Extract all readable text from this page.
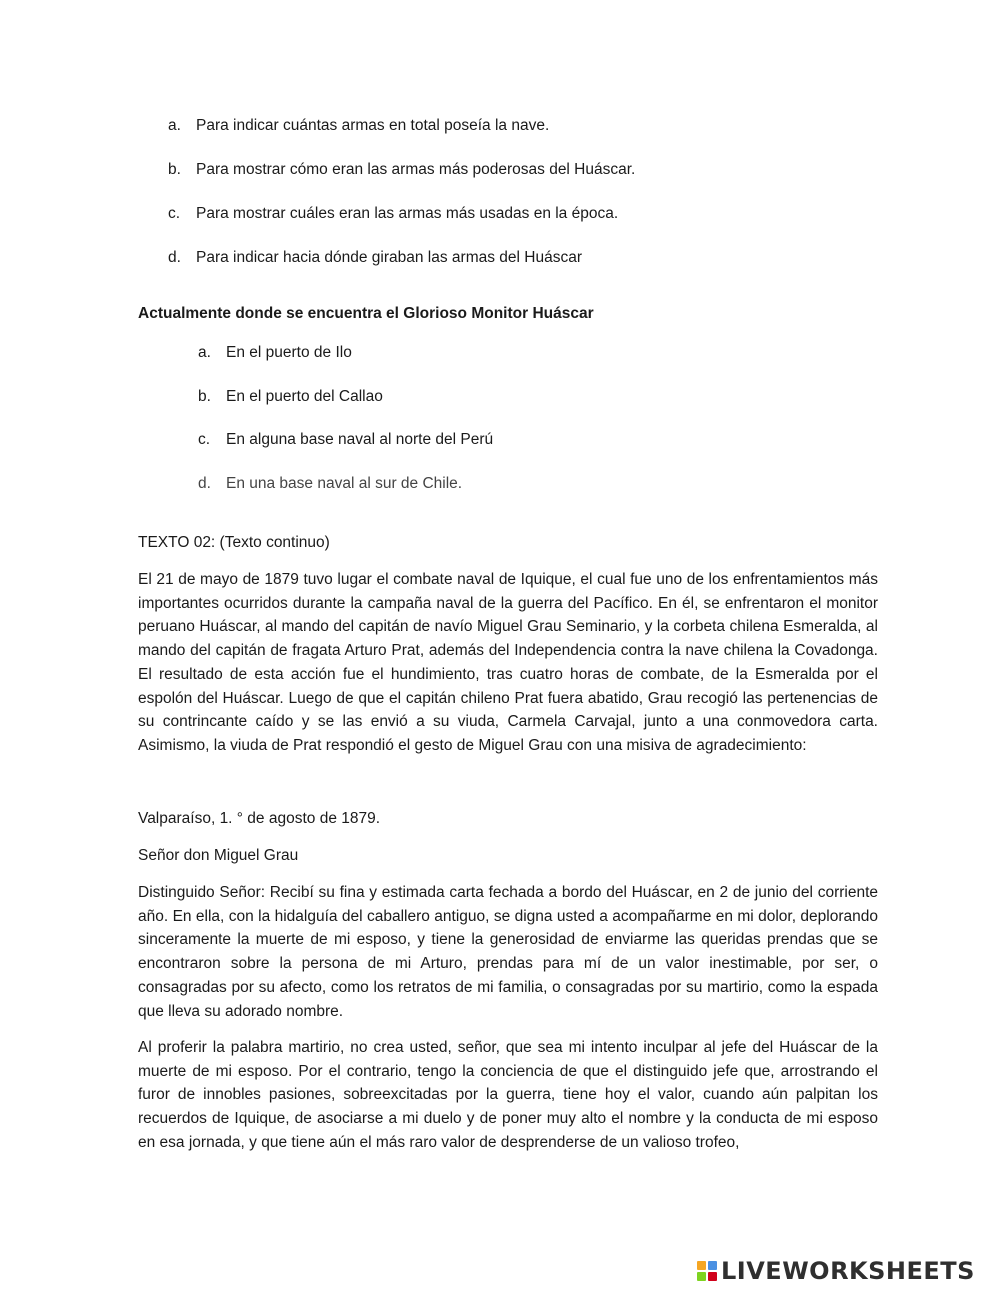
a. Para indicar cuántas armas en total poseía la nave.
b. Para mostrar cómo eran las armas más poderosas del Huáscar.
c. Para mostrar cuáles eran las armas más usadas en la época.
d. Para indicar hacia dónde giraban las armas del Huáscar
Actualmente donde se encuentra el Glorioso Monitor Huáscar
a. En el puerto de Ilo
b. En el puerto del Callao
c. En alguna base naval al norte del Perú
d. En una base naval al sur de Chile.
TEXTO 02: (Texto continuo)
El 21 de mayo de 1879 tuvo lugar el combate naval de Iquique, el cual fue uno de los enfrentamientos más importantes ocurridos durante la campaña naval de la guerra del Pacífico. En él, se enfrentaron el monitor peruano Huáscar, al mando del capitán de navío Miguel Grau Seminario, y la corbeta chilena Esmeralda, al mando del capitán de fragata Arturo Prat, además del Independencia contra la nave chilena la Covadonga. El resultado de esta acción fue el hundimiento, tras cuatro horas de combate, de la Esmeralda por el espolón del Huáscar. Luego de que el capitán chileno Prat fuera abatido, Grau recogió las pertenencias de su contrincante caído y se las envió a su viuda, Carmela Carvajal, junto a una conmovedora carta. Asimismo, la viuda de Prat respondió el gesto de Miguel Grau con una misiva de agradecimiento:
Valparaíso, 1. ° de agosto de 1879.
Señor don Miguel Grau
Distinguido Señor: Recibí su fina y estimada carta fechada a bordo del Huáscar, en 2 de junio del corriente año. En ella, con la hidalguía del caballero antiguo, se digna usted a acompañarme en mi dolor, deplorando sinceramente la muerte de mi esposo, y tiene la generosidad de enviarme las queridas prendas que se encontraron sobre la persona de mi Arturo, prendas para mí de un valor inestimable, por ser, o consagradas por su afecto, como los retratos de mi familia, o consagradas por su martirio, como la espada que lleva su adorado nombre.
Al proferir la palabra martirio, no crea usted, señor, que sea mi intento inculpar al jefe del Huáscar de la muerte de mi esposo. Por el contrario, tengo la conciencia de que el distinguido jefe que, arrostrando el furor de innobles pasiones, sobreexcitadas por la guerra, tiene hoy el valor, cuando aún palpitan los recuerdos de Iquique, de asociarse a mi duelo y de poner muy alto el nombre y la conducta de mi esposo en esa jornada, y que tiene aún el más raro valor de desprenderse de un valioso trofeo,
LIVEWORKSHEETS
